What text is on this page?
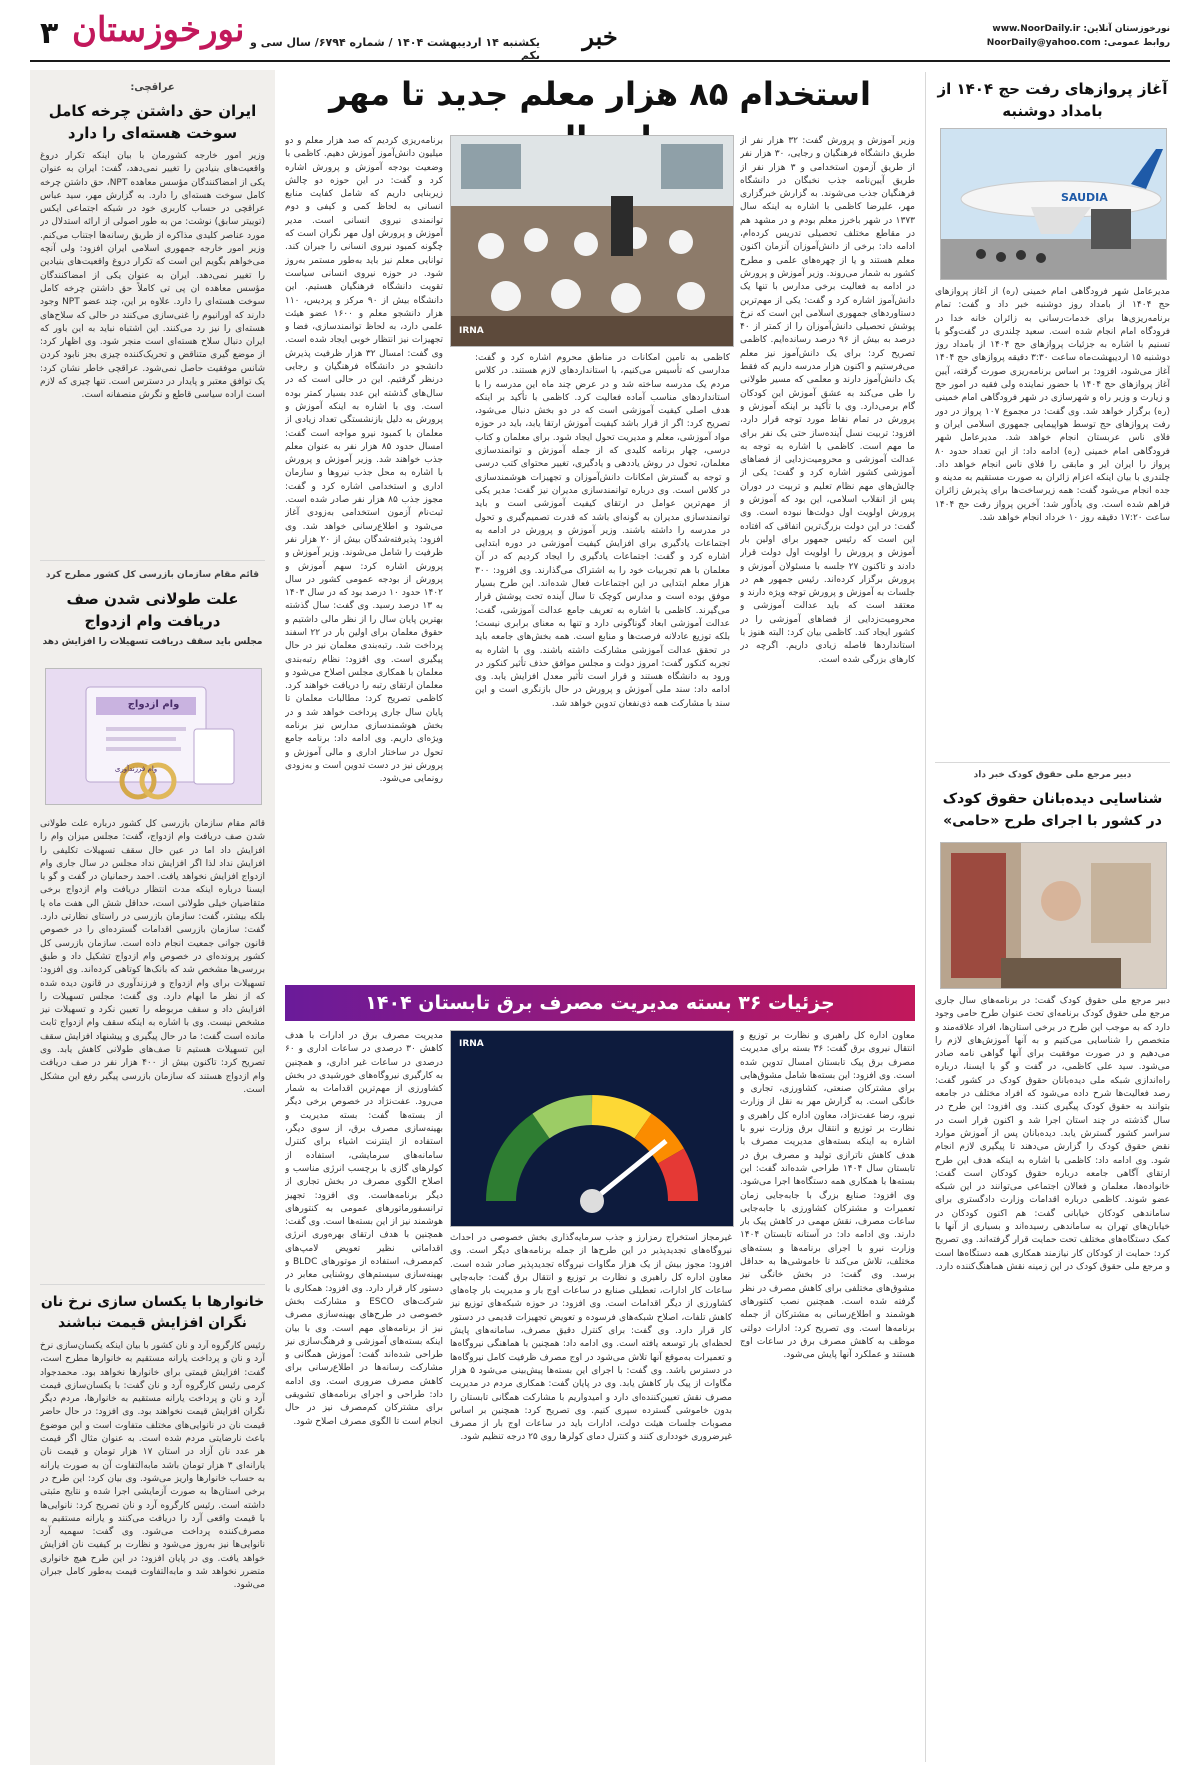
۳ نورخوزستان یکشنبه ۱۴ اردیبهشت ۱۴۰۴ / شماره ۶۷۹۴/ سال سی و یکم
خبر	نورخوزستان آنلاین: www.NoorDaily.ir
روابط عمومی: NoorDaily@yahoo.com
عراقچی:
ایران حق داشتن چرخه کامل سوخت هسته‌ای را دارد
وزیر امور خارجه کشورمان با بیان اینکه تکرار دروغ واقعیت‌های بنیادین را تغییر نمی‌دهد، گفت: ایران به عنوان یکی از امضاکنندگان مؤسس معاهده NPT، حق داشتن چرخه کامل سوخت هسته‌ای را دارد. به گزارش مهر، سید عباس عراقچی در حساب کاربری خود در شبکه اجتماعی ایکس (توییتر سابق) نوشت: من به طور اصولی از ارائه استدلال در مورد عناصر کلیدی مذاکره از طریق رسانه‌ها اجتناب می‌کنم. وزیر امور خارجه جمهوری اسلامی ایران افزود: ولی آنچه می‌خواهم بگویم این است که تکرار دروغ واقعیت‌های بنیادین را تغییر نمی‌دهد. ایران به عنوان یکی از امضاکنندگان مؤسس معاهده ان پی تی کاملاً حق داشتن چرخه کامل سوخت هسته‌ای را دارد. علاوه بر این، چند عضو NPT وجود دارند که اورانیوم را غنی‌سازی می‌کنند در حالی که سلاح‌های هسته‌ای را نیز رد می‌کنند. این اشتباه نباید به این باور که ایران دنبال سلاح هسته‌ای است منجر شود. وی اظهار کرد: از موضع گیری متناقض و تحریک‌کننده چیزی بجز نابود کردن شانس موفقیت حاصل نمی‌شود. عراقچی خاطر نشان کرد: یک توافق معتبر و پایدار در دسترس است. تنها چیزی که لازم است اراده سیاسی قاطع و نگرش منصفانه است.
قائم مقام سازمان بازرسی کل کشور مطرح کرد
علت طولانی شدن صف دریافت وام ازدواج
مجلس باید سقف دریافت تسهیلات را افزایش دهد
وام ازدواج
وام فرزندآوری
قائم مقام سازمان بازرسی کل کشور درباره علت طولانی شدن صف دریافت وام ازدواج، گفت: مجلس میزان وام را افزایش داد اما در عین حال سقف تسهیلات تکلیفی را افزایش نداد لذا اگر افزایش نداد مجلس در سال جاری وام ازدواج افزایش نخواهد یافت. احمد رحمانیان در گفت و گو با ایسنا درباره اینکه مدت انتظار دریافت وام ازدواج برخی متقاضیان خیلی طولانی است، حداقل شش الی هفت ماه یا بلکه بیشتر، گفت: سازمان بازرسی در راستای نظارتی دارد. گفت: سازمان بازرسی اقدامات گسترده‌ای را در خصوص قانون جوانی جمعیت انجام داده است. سازمان بازرسی کل کشور پرونده‌ای در خصوص وام ازدواج تشکیل داد و طبق بررسی‌ها مشخص شد که بانک‌ها کوتاهی کرده‌اند. وی افزود: تسهیلات برای وام ازدواج و فرزندآوری در قانون دیده شده که از نظر ما ابهام دارد. وی گفت: مجلس تسهیلات را افزایش داد و سقف مربوطه را تعیین نکرد و تسهیلات نیز مشخص نیست. وی با اشاره به اینکه سقف وام ازدواج ثابت مانده است گفت: ما در حال پیگیری و پیشنهاد افزایش سقف این تسهیلات هستیم تا صف‌های طولانی کاهش یابد. وی تصریح کرد: تاکنون بیش از ۴۰۰ هزار نفر در صف دریافت وام ازدواج هستند که سازمان بازرسی پیگیر رفع این مشکل است.
خانوارها با یکسان سازی نرخ نان نگران افزایش قیمت نباشند
رئیس کارگروه آرد و نان کشور با بیان اینکه یکسان‌سازی نرخ آرد و نان و پرداخت یارانه مستقیم به خانوارها مطرح است، گفت: افزایش قیمتی برای خانوارها نخواهد بود. محمدجواد کرمی رئیس کارگروه آرد و نان گفت: با یکسان‌سازی قیمت آرد و نان و پرداخت یارانه مستقیم به خانوارها، مردم دیگر نگران افزایش قیمت نخواهند بود. وی افزود: در حال حاضر قیمت نان در نانوایی‌های مختلف متفاوت است و این موضوع باعث نارضایتی مردم شده است. به عنوان مثال اگر قیمت هر عدد نان آزاد در استان ۱۷ هزار تومان و قیمت نان یارانه‌ای ۳ هزار تومان باشد مابه‌التفاوت آن به صورت یارانه به حساب خانوارها واریز می‌شود. وی بیان کرد: این طرح در برخی استان‌ها به صورت آزمایشی اجرا شده و نتایج مثبتی داشته است. رئیس کارگروه آرد و نان تصریح کرد: نانوایی‌ها با قیمت واقعی آرد را دریافت می‌کنند و یارانه مستقیم به مصرف‌کننده پرداخت می‌شود. وی گفت: سهمیه آرد نانوایی‌ها نیز به‌روز می‌شود و نظارت بر کیفیت نان افزایش خواهد یافت. وی در پایان افزود: در این طرح هیچ خانواری متضرر نخواهد شد و مابه‌التفاوت قیمت به‌طور کامل جبران می‌شود.
استخدام ۸۵ هزار معلم جدید تا مهر
IRNA
وزیر آموزش و پرورش گفت: ۳۲ هزار نفر از طریق دانشگاه فرهنگیان و رجایی، ۳۰ هزار نفر از طریق آزمون استخدامی و ۳ هزار نفر از طریق آیین‌نامه جذب نخبگان در دانشگاه فرهنگیان جذب می‌شوند. به گزارش خبرگزاری مهر، علیرضا کاظمی با اشاره به اینکه سال ۱۳۷۳ در شهر باخرز معلم بودم و در مشهد هم در مقاطع مختلف تحصیلی تدریس کرده‌ام، ادامه داد: برخی از دانش‌آموزان آنزمان اکنون معلم هستند و یا از چهره‌های علمی و مطرح کشور به شمار می‌روند. وزیر آموزش و پرورش در ادامه به فعالیت برخی مدارس با تنها یک دانش‌آموز اشاره کرد و گفت: یکی از مهم‌ترین دستاوردهای جمهوری اسلامی این است که نرخ پوشش تحصیلی دانش‌آموزان را از کمتر از ۴۰ درصد به بیش از ۹۶ درصد رسانده‌ایم. کاظمی تصریح کرد: برای یک دانش‌آموز نیز معلم می‌فرستیم و اکنون هزار مدرسه داریم که فقط یک دانش‌آموز دارند و معلمی که مسیر طولانی را طی می‌کند به عشق آموزش این کودکان گام برمی‌دارد. وی با تأکید بر اینکه آموزش و پرورش در تمام نقاط مورد توجه قرار دارد، افزود: تربیت نسل آینده‌ساز حتی یک نفر برای ما مهم است. کاظمی با اشاره به توجه به عدالت آموزشی و محرومیت‌زدایی از فضاهای آموزشی کشور اشاره کرد و گفت: یکی از چالش‌های مهم نظام تعلیم و تربیت در دوران پس از انقلاب اسلامی، این بود که آموزش و پرورش اولویت اول دولت‌ها نبوده است. وی گفت: در این دولت بزرگ‌ترین اتفاقی که افتاده این است که رئیس جمهور برای اولین بار آموزش و پرورش را اولویت اول دولت قرار دادند و تاکنون ۲۷ جلسه با مسئولان آموزش و پرورش برگزار کرده‌اند. رئیس جمهور هم در جلسات به آموزش و پرورش توجه ویژه دارند و معتقد است که باید عدالت آموزشی و محرومیت‌زدایی از فضاهای آموزشی را در کشور ایجاد کند. کاظمی بیان کرد: البته هنوز با استانداردها فاصله زیادی داریم. اگرچه در کارهای بزرگی شده است.
کاظمی به تأمین امکانات در مناطق محروم اشاره کرد و گفت: مدارسی که تأسیس می‌کنیم، با استانداردهای لازم هستند. در کلاس مردم یک مدرسه ساخته شد و در عرض چند ماه این مدرسه را با استانداردهای مناسب آماده فعالیت کرد. کاظمی با تأکید بر اینکه هدف اصلی کیفیت آموزشی است که در دو بخش دنبال می‌شود، تصریح کرد: اگر از قرار باشد کیفیت آموزش ارتقا یابد، باید در حوزه مواد آموزشی، معلم و مدیریت تحول ایجاد شود. برای معلمان و کتاب درسی، چهار برنامه کلیدی که از جمله آموزش و توانمندسازی معلمان، تحول در روش یاددهی و یادگیری، تغییر محتوای کتب درسی و توجه به گسترش امکانات دانش‌آموزان و تجهیزات هوشمندسازی در کلاس است. وی درباره توانمندسازی مدیران نیز گفت: مدیر یکی از مهم‌ترین عوامل در ارتقای کیفیت آموزشی است و باید توانمندسازی مدیران به گونه‌ای باشد که قدرت تصمیم‌گیری و تحول در مدرسه را داشته باشند. وزیر آموزش و پرورش در ادامه به اجتماعات یادگیری برای افزایش کیفیت آموزشی در دوره ابتدایی اشاره کرد و گفت: اجتماعات یادگیری را ایجاد کردیم که در آن معلمان با هم تجربیات خود را به اشتراک می‌گذارند. وی افزود: ۳۰۰ هزار معلم ابتدایی در این اجتماعات فعال شده‌اند. این طرح بسیار موفق بوده است و مدارس کوچک تا سال آینده تحت پوشش قرار می‌گیرند. کاظمی با اشاره به تعریف جامع عدالت آموزشی، گفت: عدالت آموزشی ابعاد گوناگونی دارد و تنها به معنای برابری نیست؛ بلکه توزیع عادلانه فرصت‌ها و منابع است. همه بخش‌های جامعه باید در تحقق عدالت آموزشی مشارکت داشته باشند. وی با اشاره به تجربه کنکور گفت: امروز دولت و مجلس موافق حذف تأثیر کنکور در ورود به دانشگاه هستند و قرار است تأثیر معدل افزایش یابد. وی ادامه داد: سند ملی آموزش و پرورش در حال بازنگری است و این سند با مشارکت همه ذی‌نفعان تدوین خواهد شد.
برنامه‌ریزی کردیم که صد هزار معلم و دو میلیون دانش‌آموز آموزش دهیم. کاظمی با وضعیت بودجه آموزش و پرورش اشاره کرد و گفت: در این حوزه دو چالش زیربنایی داریم که شامل کفایت منابع انسانی به لحاظ کمی و کیفی و دوم توانمندی نیروی انسانی است. مدیر آموزش و پرورش اول مهر نگران است که چگونه کمبود نیروی انسانی را جبران کند. توانایی معلم نیز باید به‌طور مستمر به‌روز شود. در حوزه نیروی انسانی سیاست تقویت دانشگاه فرهنگیان هستیم. این دانشگاه بیش از ۹۰ مرکز و پردیس، ۱۱۰ هزار دانشجو معلم و ۱۶۰۰ عضو هیئت علمی دارد، به لحاظ توانمندسازی، فضا و تجهیزات نیز انتظار خوبی ایجاد شده است. وی گفت: امسال ۳۲ هزار ظرفیت پذیرش دانشجو در دانشگاه فرهنگیان و رجایی درنظر گرفتیم. این در حالی است که در سال‌های گذشته این عدد بسیار کمتر بوده است. وی با اشاره به اینکه آموزش و پرورش به دلیل بازنشستگی تعداد زیادی از معلمان با کمبود نیرو مواجه است گفت: امسال حدود ۸۵ هزار نفر به عنوان معلم جذب خواهند شد. وزیر آموزش و پرورش با اشاره به محل جذب نیروها و سازمان اداری و استخدامی اشاره کرد و گفت: مجوز جذب ۸۵ هزار نفر صادر شده است. ثبت‌نام آزمون استخدامی به‌زودی آغاز می‌شود و اطلاع‌رسانی خواهد شد. وی افزود: پذیرفته‌شدگان بیش از ۲۰ هزار نفر ظرفیت را شامل می‌شوند. وزیر آموزش و پرورش اشاره کرد: سهم آموزش و پرورش از بودجه عمومی کشور در سال ۱۴۰۲ حدود ۱۰ درصد بود که در سال ۱۴۰۳ به ۱۳ درصد رسید. وی گفت: سال گذشته بهترین پایان سال را از نظر مالی داشتیم و حقوق معلمان برای اولین بار در ۲۲ اسفند پرداخت شد. رتبه‌بندی معلمان نیز در حال پیگیری است. وی افزود: نظام رتبه‌بندی معلمان با همکاری مجلس اصلاح می‌شود و معلمان ارتقای رتبه را دریافت خواهند کرد. کاظمی تصریح کرد: مطالبات معلمان تا پایان سال جاری پرداخت خواهد شد و در بخش هوشمندسازی مدارس نیز برنامه ویژه‌ای داریم. وی ادامه داد: برنامه جامع تحول در ساختار اداری و مالی آموزش و پرورش نیز در دست تدوین است و به‌زودی رونمایی می‌شود.
جزئیات ۳۶ بسته مدیریت مصرف برق تابستان ۱۴۰۴
IRNA
معاون اداره کل راهبری و نظارت بر توزیع و انتقال نیروی برق گفت: ۳۶ بسته برای مدیریت مصرف برق پیک تابستان امسال تدوین شده است. وی افزود: این بسته‌ها شامل مشوق‌هایی برای مشترکان صنعتی، کشاورزی، تجاری و خانگی است. به گزارش مهر به نقل از وزارت نیرو، رضا عفت‌نژاد، معاون اداره کل راهبری و نظارت بر توزیع و انتقال برق وزارت نیرو با اشاره به اینکه بسته‌های مدیریت مصرف با هدف کاهش ناترازی تولید و مصرف برق در تابستان سال ۱۴۰۴ طراحی شده‌اند گفت: این بسته‌ها با همکاری همه دستگاه‌ها اجرا می‌شود. وی افزود: صنایع بزرگ با جابه‌جایی زمان تعمیرات و مشترکان کشاورزی با جابه‌جایی ساعات مصرف، نقش مهمی در کاهش پیک بار دارند. وی ادامه داد: در آستانه تابستان ۱۴۰۴ وزارت نیرو با اجرای برنامه‌ها و بسته‌های مختلف، تلاش می‌کند تا خاموشی‌ها به حداقل برسد. وی گفت: در بخش خانگی نیز مشوق‌های مختلفی برای کاهش مصرف در نظر گرفته شده است. همچنین نصب کنتورهای هوشمند و اطلاع‌رسانی به مشترکان از جمله برنامه‌ها است. وی تصریح کرد: ادارات دولتی موظف به کاهش مصرف برق در ساعات اوج هستند و عملکرد آنها پایش می‌شود.
مدیریت مصرف برق در ادارات با هدف کاهش ۳۰ درصدی در ساعات اداری و ۶۰ درصدی در ساعات غیر اداری، و همچنین به کارگیری نیروگاه‌های خورشیدی در بخش کشاورزی از مهم‌ترین اقدامات به شمار می‌رود. عفت‌نژاد در خصوص برخی دیگر از بسته‌ها گفت: بسته مدیریت و بهینه‌سازی مصرف برق، از سوی دیگر، استفاده از اینترنت اشیاء برای کنترل سامانه‌های سرمایشی، استفاده از کولرهای گازی با برچسب انرژی مناسب و اصلاح الگوی مصرف در بخش تجاری از دیگر برنامه‌هاست. وی افزود: تجهیز ترانسفورماتورهای عمومی به کنتورهای هوشمند نیز از این بسته‌ها است. وی گفت: همچنین با هدف ارتقای بهره‌وری انرژی اقداماتی نظیر تعویض لامپ‌های کم‌مصرف، استفاده از موتورهای BLDC و بهینه‌سازی سیستم‌های روشنایی معابر در دستور کار قرار دارد. وی افزود: همکاری با شرکت‌های ESCO و مشارکت بخش خصوصی در طرح‌های بهینه‌سازی مصرف نیز از برنامه‌های مهم است. وی با بیان اینکه بسته‌های آموزشی و فرهنگ‌سازی نیز طراحی شده‌اند گفت: آموزش همگانی و مشارکت رسانه‌ها در اطلاع‌رسانی برای کاهش مصرف ضروری است. وی ادامه داد: طراحی و اجرای برنامه‌های تشویقی برای مشترکان کم‌مصرف نیز در حال انجام است تا الگوی مصرف اصلاح شود.
غیرمجاز استخراج رمزارز و جذب سرمایه‌گذاری بخش خصوصی در احداث نیروگاه‌های تجدیدپذیر در این طرح‌ها از جمله برنامه‌های دیگر است. وی افزود: مجوز بیش از یک هزار مگاوات نیروگاه تجدیدپذیر صادر شده است. معاون اداره کل راهبری و نظارت بر توزیع و انتقال برق گفت: جابه‌جایی ساعات کار ادارات، تعطیلی صنایع در ساعات اوج بار و مدیریت بار چاه‌های کشاورزی از دیگر اقدامات است. وی افزود: در حوزه شبکه‌های توزیع نیز کاهش تلفات، اصلاح شبکه‌های فرسوده و تعویض تجهیزات قدیمی در دستور کار قرار دارد. وی گفت: برای کنترل دقیق مصرف، سامانه‌های پایش لحظه‌ای بار توسعه یافته است. وی ادامه داد: همچنین با هماهنگی نیروگاه‌ها و تعمیرات به‌موقع آنها تلاش می‌شود در اوج مصرف ظرفیت کامل نیروگاه‌ها در دسترس باشد. وی گفت: با اجرای این بسته‌ها پیش‌بینی می‌شود ۵ هزار مگاوات از پیک بار کاهش یابد. وی در پایان گفت: همکاری مردم در مدیریت مصرف نقش تعیین‌کننده‌ای دارد و امیدواریم با مشارکت همگانی تابستان را بدون خاموشی گسترده سپری کنیم. وی تصریح کرد: همچنین بر اساس مصوبات جلسات هیئت دولت، ادارات باید در ساعات اوج بار از مصرف غیرضروری خودداری کنند و کنترل دمای کولرها روی ۲۵ درجه تنظیم شود.
آغاز پروازهای رفت حج ۱۴۰۴ از بامداد دوشنبه
SAUDIA
مدیرعامل شهر فرودگاهی امام خمینی (ره) از آغاز پروازهای حج ۱۴۰۴ از بامداد روز دوشنبه خبر داد و گفت: تمام برنامه‌ریزی‌ها برای خدمات‌رسانی به زائران خانه خدا در فرودگاه امام انجام شده است. سعید چلندری در گفت‌وگو با تسنیم با اشاره به جزئیات پروازهای حج ۱۴۰۴ از بامداد روز دوشنبه ۱۵ اردیبهشت‌ماه ساعت ۳:۳۰ دقیقه پروازهای حج ۱۴۰۴ آغاز می‌شود، افزود: بر اساس برنامه‌ریزی صورت گرفته، آیین آغاز پروازهای حج ۱۴۰۴ با حضور نماینده ولی فقیه در امور حج و زیارت و وزیر راه و شهرسازی در شهر فرودگاهی امام خمینی (ره) برگزار خواهد شد. وی گفت: در مجموع ۱۰۷ پرواز در دور رفت پروازهای حج توسط هواپیمایی جمهوری اسلامی ایران و فلای ناس عربستان انجام خواهد شد. مدیرعامل شهر فرودگاهی امام خمینی (ره) ادامه داد: از این تعداد حدود ۸۰ پرواز را ایران ایر و مابقی را فلای ناس انجام خواهد داد. چلندری با بیان اینکه اعزام زائران به صورت مستقیم به مدینه و جده انجام می‌شود گفت: همه زیرساخت‌ها برای پذیرش زائران فراهم شده است. وی یادآور شد: آخرین پرواز رفت حج ۱۴۰۴ ساعت ۱۷:۲۰ دقیقه روز ۱۰ خرداد انجام خواهد شد.
دبیر مرجع ملی حقوق کودک خبر داد
شناسایی دیده‌بانان حقوق کودک در کشور با اجرای طرح «حامی»
دبیر مرجع ملی حقوق کودک گفت: در برنامه‌های سال جاری مرجع ملی حقوق کودک برنامه‌ای تحت عنوان طرح حامی وجود دارد که به موجب این طرح در برخی استان‌ها، افراد علاقه‌مند و متخصص را شناسایی می‌کنیم و به آنها آموزش‌های لازم را می‌دهیم و در صورت موفقیت برای آنها گواهی نامه صادر می‌شود. سید علی کاظمی، در گفت و گو با ایسنا، درباره راه‌اندازی شبکه ملی دیده‌بانان حقوق کودک در کشور گفت: رصد فعالیت‌ها شرح داده می‌شود که افراد مختلف در جامعه بتوانند به حقوق کودک پیگیری کنند. وی افزود: این طرح در سال گذشته در چند استان اجرا شد و اکنون قرار است در سراسر کشور گسترش یابد. دیده‌بانان پس از آموزش موارد نقض حقوق کودک را گزارش می‌دهند تا پیگیری لازم انجام شود. وی ادامه داد: کاظمی با اشاره به اینکه هدف این طرح ارتقای آگاهی جامعه درباره حقوق کودکان است گفت: خانواده‌ها، معلمان و فعالان اجتماعی می‌توانند در این شبکه عضو شوند. کاظمی درباره اقدامات وزارت دادگستری برای ساماندهی کودکان خیابانی گفت: هم اکنون کودکان در خیابان‌های تهران به ساماندهی رسیده‌اند و بسیاری از آنها با کمک دستگاه‌های مختلف تحت حمایت قرار گرفته‌اند. وی تصریح کرد: حمایت از کودکان کار نیازمند همکاری همه دستگاه‌ها است و مرجع ملی حقوق کودک در این زمینه نقش هماهنگ‌کننده دارد.
